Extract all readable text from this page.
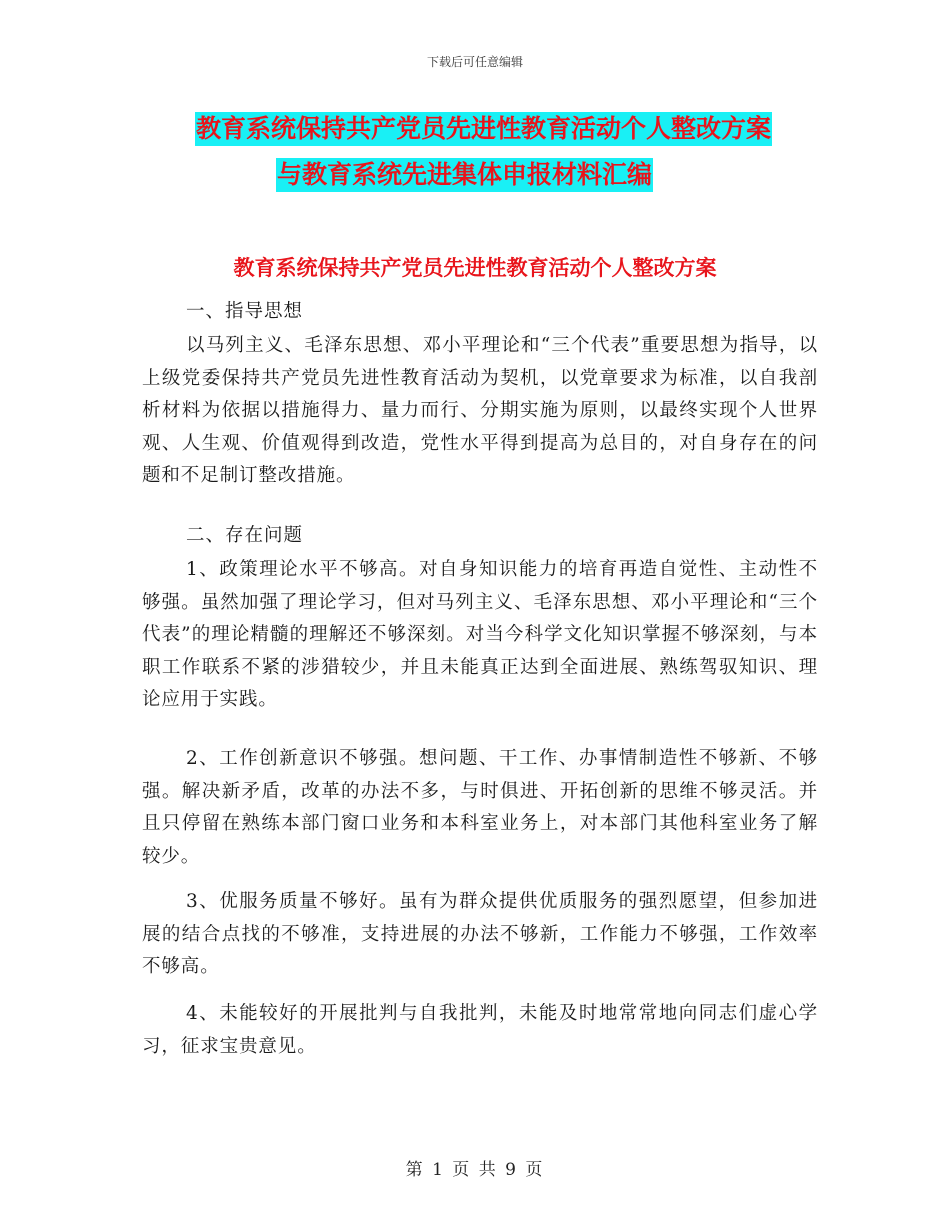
下载后可任意编辑
教育系统保持共产党员先进性教育活动个人整改方案
与教育系统先进集体申报材料汇编
教育系统保持共产党员先进性教育活动个人整改方案
一、指导思想
以马列主义、毛泽东思想、邓小平理论和“三个代表”重要思想为指导，以上级党委保持共产党员先进性教育活动为契机，以党章要求为标准，以自我剖析材料为依据以措施得力、量力而行、分期实施为原则，以最终实现个人世界观、人生观、价值观得到改造，党性水平得到提高为总目的，对自身存在的问题和不足制订整改措施。
二、存在问题
1、政策理论水平不够高。对自身知识能力的培育再造自觉性、主动性不够强。虽然加强了理论学习，但对马列主义、毛泽东思想、邓小平理论和“三个代表”的理论精髓的理解还不够深刻。对当今科学文化知识掌握不够深刻，与本职工作联系不紧的涉猎较少，并且未能真正达到全面进展、熟练驾驭知识、理论应用于实践。
2、工作创新意识不够强。想问题、干工作、办事情制造性不够新、不够强。解决新矛盾，改革的办法不多，与时俱进、开拓创新的思维不够灵活。并且只停留在熟练本部门窗口业务和本科室业务上，对本部门其他科室业务了解较少。
3、优服务质量不够好。虽有为群众提供优质服务的强烈愿望，但参加进展的结合点找的不够准，支持进展的办法不够新，工作能力不够强，工作效率不够高。
4、未能较好的开展批判与自我批判，未能及时地常常地向同志们虚心学习，征求宝贵意见。
第 1 页 共 9 页
